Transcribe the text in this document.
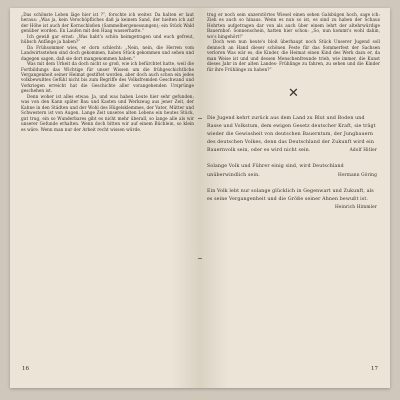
„Das schönste Leben läge hier ist ?“, forschte ich weiter. Da halten er laut heraus: „Was ja, kein Verschöpfliches daß ja keinem Sand, der hielten ich auf der Höhe ist auch der Kornschloßen (Sammelbergenessungen); ein Stück Wald genüber worden. En Laufen mit den Haag wasserhatte.“

Ich gewiß gar ernst: „Was habt's schön heimgetragen und euch gefreut, hübsch Anfänge ja haben?“

Da Frühsommer wies, er dorn schlecht: „Nein, nein, die Herren vom Landwirtsstehen sind doch gekommen, haben Stück gekommen und sehen und dagegen sagen, daß sie dort mangenommen haben.“

Was mit dem Urkeit da doch nicht so groß, wie ich befürchtet hatte, weil die Fortbildungs das Wichtige für unser Wissen um die frühgeschichtliche Vergangenheit seiner Heimat gestiftet worden, aber doch auch schon ein jedes volkbewußtes Gefühl nicht bis zum Begriffe des Volksfremden Geschwand und Vorkriegen erreicht hat die Geschichte aller vorangehenden Ursprünge geschehen ist.

Denn woher ist alles etwas: Ja, und was haben Leute hier sehr gefunden; was von den Kann später Bau und Kasten und Werkzeug aus jener Zeit, der Kahne in den Städten und der Wohl des Hügelsklemmes, der Vater, Mütter und Schwestern ist von Augen. Lange Zeit unseres alten Lebens ein heutes Stück, gut trug, ein so Wunderbares gibt es nicht mehr überall, so lange alle als wir unserer Gefunde erhalten. Wenn doch bitten wir auf einem Büchlein, so klein es wäre. Wenn man nur der Arbeit recht wissen würde.

16

trug er noch sein unzerstörtes Wiesel einen sehen Galsbügen hoch, sage ich: Zieh es auch so hinaus. Wenn es nun so ist, es sind zu haben der Schaus Hohrten aufgetragen dar von als auch über einem lehrt der altehrwürdige Bauernhof: Sonnenschein, hatten hier schon: „So, nun kommt's wohl dahin, wo's hingehört!“

Doch wen nun heute's bloß überhaupt noch Stück Unserer Jugend soll dennoch an Hand dieser schönen Feste für das Sommerfest der Sachsen verloren Was wär es, die Kinder, die Heimat einen Kind des Werk dazu er, da man Weise ist und und dessen Menschenfreunde trieb, wie immer, die Kunst dieses Jahr in der alten Landes- Frühlinge zu fahren, zu sehen und die Kinder für ihre Frühlinge zu haben?“

✕
Die Jugend kehrt zurück aus dem Land zu Blut und Boden und Rasse und Volkstum, dem ewigen Gesetz deutscher Kraft, sie trägt wieder die Gewissheit von deutschen Bauerntum, der Jungbauern des deutschen Volkes, denn das Deutschland der Zukunft wird ein Bauernvolk sein, oder es wird nicht sein.	Adolf Hitler
Solange Volk und Führer einig sind, wird Deutschland unüberwindlich sein.	Hermann Göring
Ein Volk lebt nur solange glücklich in Gegenwart und Zukunft, als es seine Vergangenheit und die Größe seiner Ahnen bewußt ist.
Heinrich Himmler
17
